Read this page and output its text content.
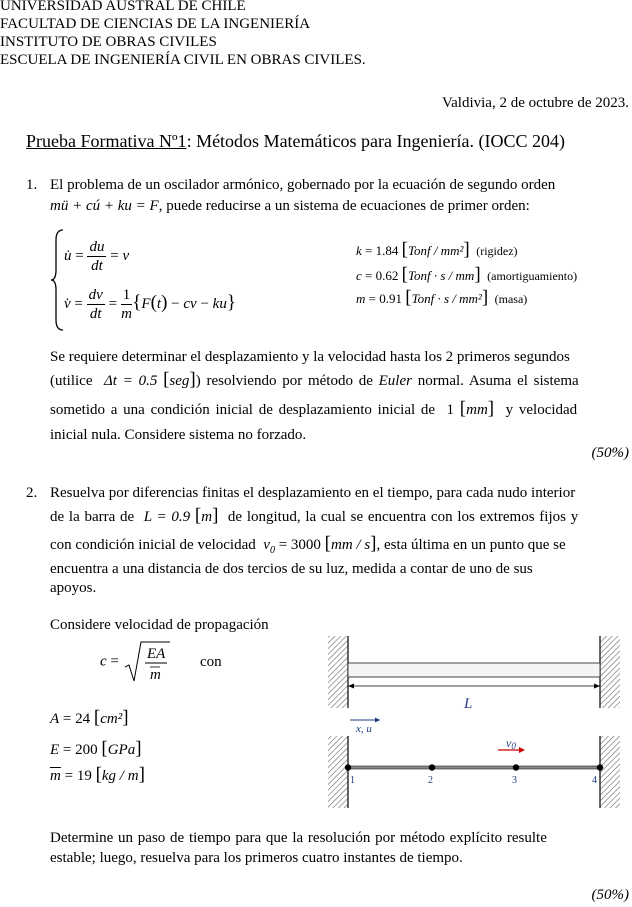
UNIVERSIDAD AUSTRAL DE CHILE
FACULTAD DE CIENCIAS DE LA INGENIERÍA
INSTITUTO DE OBRAS CIVILES
ESCUELA DE INGENIERÍA CIVIL EN OBRAS CIVILES.
Valdivia, 2 de octubre de 2023.
Prueba Formativa Nº1: Métodos Matemáticos para Ingeniería. (IOCC 204)
1. El problema de un oscilador armónico, gobernado por la ecuación de segundo orden
mü + cú + ku = F, puede reducirse a un sistema de ecuaciones de primer orden:
u̇ = $\frac{du}{dt} = v$
v̇ = $\frac{dv}{dt} = \frac{1}{m} \{F(t)$ − cv − ku}
k = 1.84 [Tonf / mm²] (rigidez)
c = 0.62 [Tonf · s / mm] (amortiguamiento)
m = 0.91 [Tonf · s / mm²] (masa)
Se requiere determinar el desplazamiento y la velocidad hasta los 2 primeros segundos
(utilice Δt = 0.5 [seg]) resolviendo por método de Euler normal. Asuma el sistema
sometido a una condición inicial de desplazamiento inicial de 1 [mm] y velocidad
inicial nula. Considere sistema no forzado.
(50%)
2. Resuelva por diferencias finitas el desplazamiento en el tiempo, para cada nudo interior
de la barra de L = 0.9 [m] de longitud, la cual se encuentra con los extremos fijos y
con condición inicial de velocidad $v_0 = 3000$ [mm / s], esta última en un punto que se
encuentra a una distancia de dos tercios de su luz, medida a contar de uno de sus
apoyos.
Considere velocidad de propagación
c = EA
m
con
A = 24 [cm²]
E = 200 [GPa]
$\overline{m} = 19$ [kg / m]
L
x, u
v0
1	2	3	4
Determine un paso de tiempo para que la resolución por método explícito resulte
estable; luego, resuelva para los primeros cuatro instantes de tiempo.
(50%)
